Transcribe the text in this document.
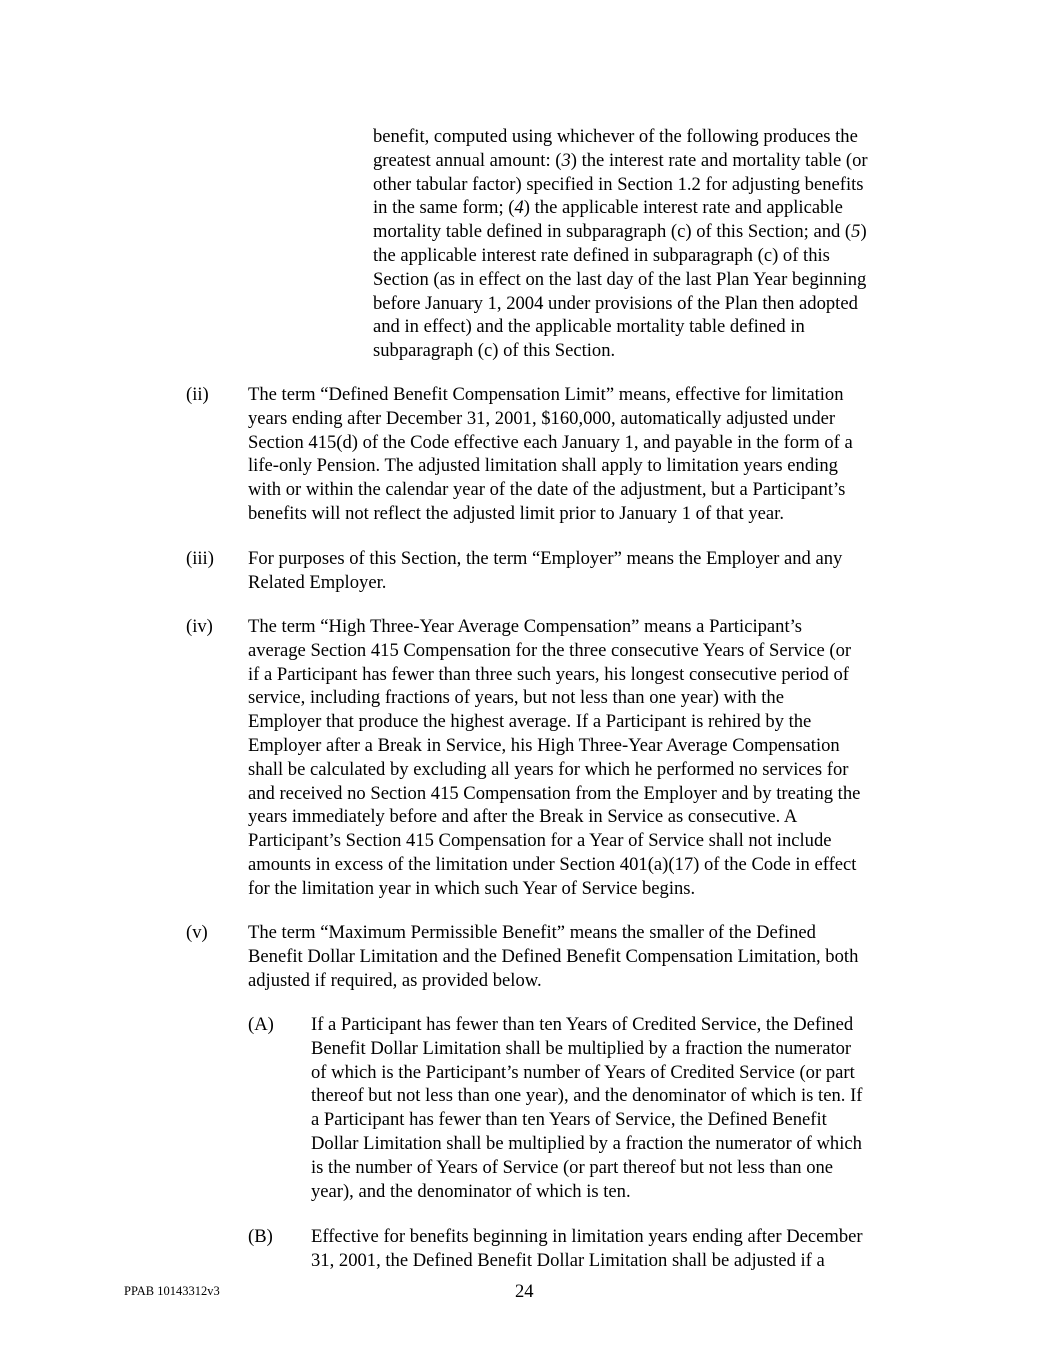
benefit, computed using whichever of the following produces the
greatest annual amount: (3) the interest rate and mortality table (or
other tabular factor) specified in Section 1.2 for adjusting benefits
in the same form; (4) the applicable interest rate and applicable
mortality table defined in subparagraph (c) of this Section; and (5)
the applicable interest rate defined in subparagraph (c) of this
Section (as in effect on the last day of the last Plan Year beginning
before January 1, 2004 under provisions of the Plan then adopted
and in effect) and the applicable mortality table defined in
subparagraph (c) of this Section.
(ii) The term “Defined Benefit Compensation Limit” means, effective for limitation
years ending after December 31, 2001, $160,000, automatically adjusted under
Section 415(d) of the Code effective each January 1, and payable in the form of a
life-only Pension. The adjusted limitation shall apply to limitation years ending
with or within the calendar year of the date of the adjustment, but a Participant’s
benefits will not reflect the adjusted limit prior to January 1 of that year.
(iii) For purposes of this Section, the term “Employer” means the Employer and any
Related Employer.
(iv) The term “High Three-Year Average Compensation” means a Participant’s
average Section 415 Compensation for the three consecutive Years of Service (or
if a Participant has fewer than three such years, his longest consecutive period of
service, including fractions of years, but not less than one year) with the
Employer that produce the highest average. If a Participant is rehired by the
Employer after a Break in Service, his High Three-Year Average Compensation
shall be calculated by excluding all years for which he performed no services for
and received no Section 415 Compensation from the Employer and by treating the
years immediately before and after the Break in Service as consecutive. A
Participant’s Section 415 Compensation for a Year of Service shall not include
amounts in excess of the limitation under Section 401(a)(17) of the Code in effect
for the limitation year in which such Year of Service begins.
(v) The term “Maximum Permissible Benefit” means the smaller of the Defined
Benefit Dollar Limitation and the Defined Benefit Compensation Limitation, both
adjusted if required, as provided below.
(A) If a Participant has fewer than ten Years of Credited Service, the Defined
Benefit Dollar Limitation shall be multiplied by a fraction the numerator
of which is the Participant’s number of Years of Credited Service (or part
thereof but not less than one year), and the denominator of which is ten. If
a Participant has fewer than ten Years of Service, the Defined Benefit
Dollar Limitation shall be multiplied by a fraction the numerator of which
is the number of Years of Service (or part thereof but not less than one
year), and the denominator of which is ten.
(B) Effective for benefits beginning in limitation years ending after December
31, 2001, the Defined Benefit Dollar Limitation shall be adjusted if a
PPAB 10143312v3	24
